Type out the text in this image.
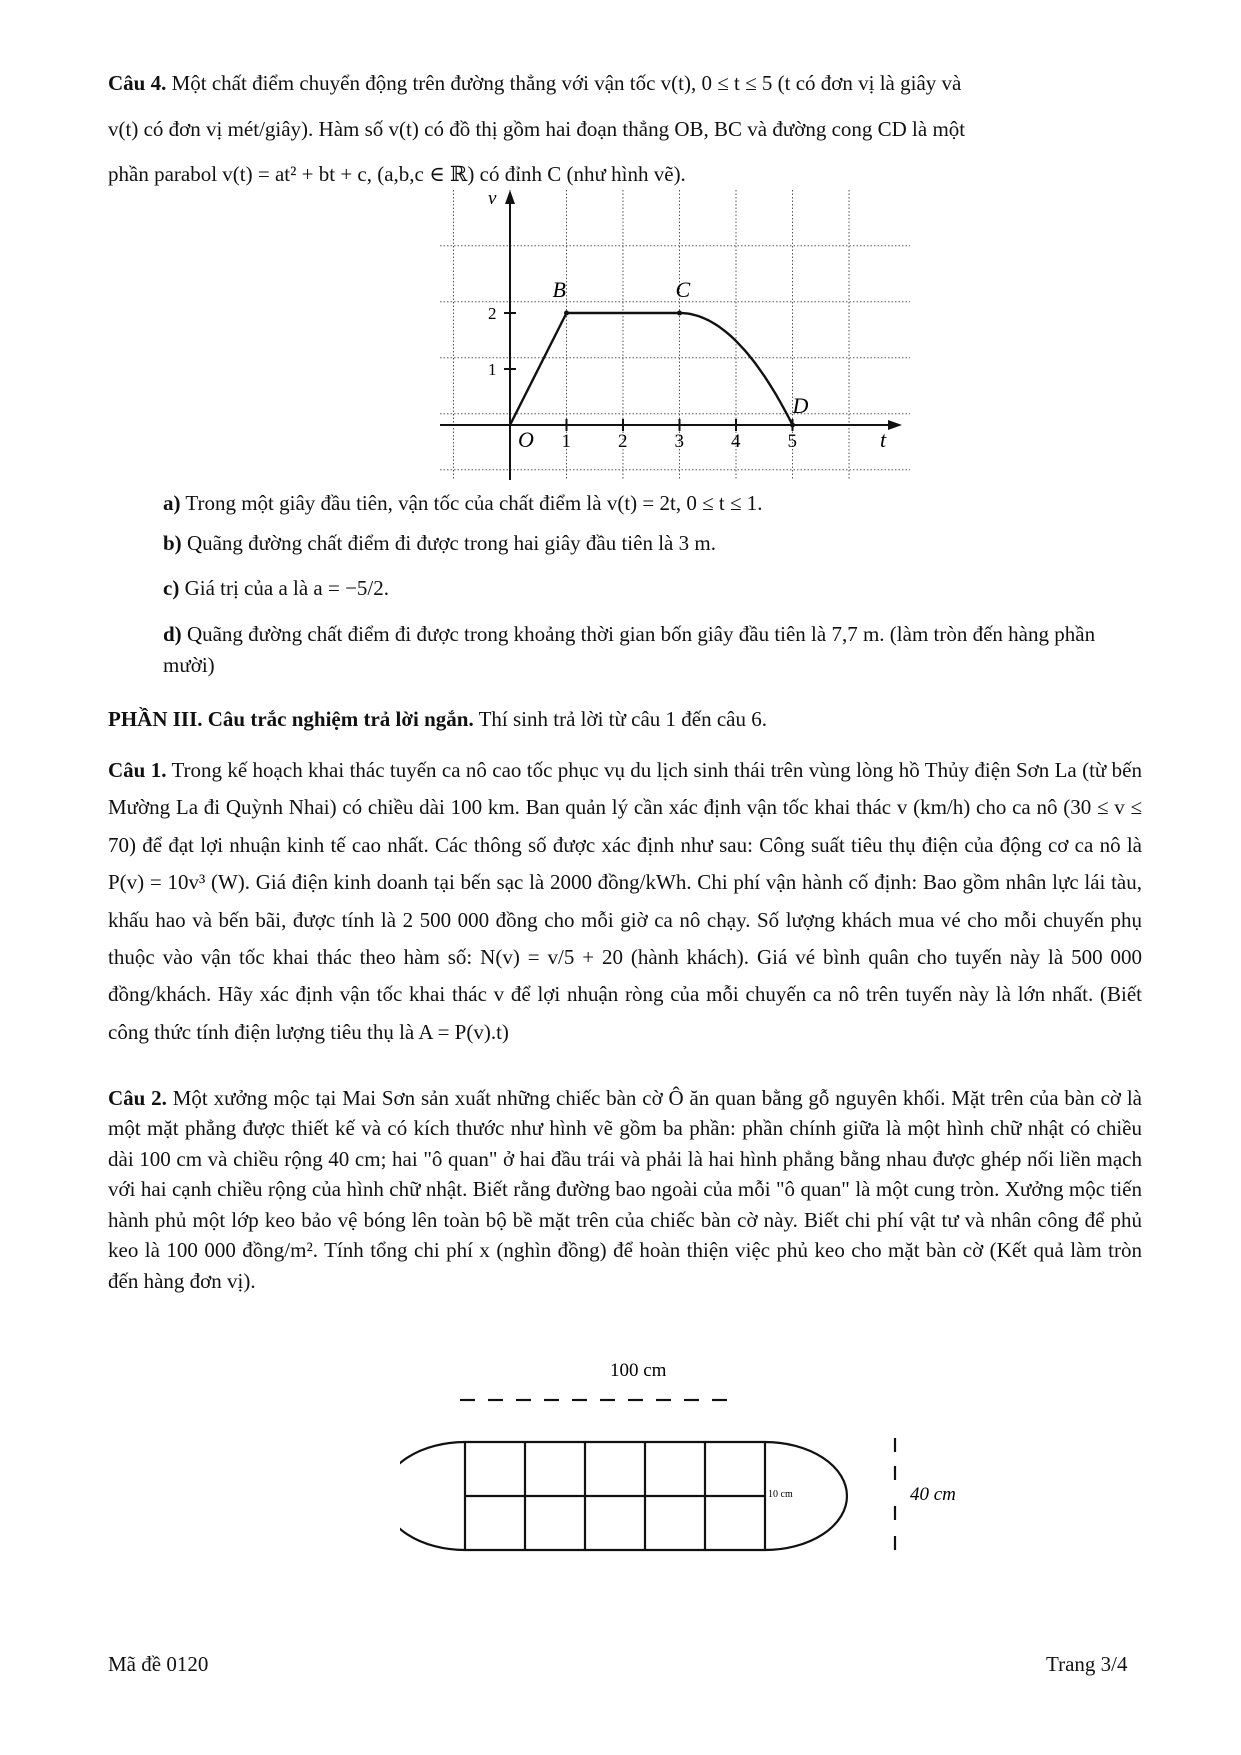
Câu 4. Một chất điểm chuyển động trên đường thẳng với vận tốc v(t), 0 ≤ t ≤ 5 (t có đơn vị là giây và

v(t) có đơn vị mét/giây). Hàm số v(t) có đồ thị gồm hai đoạn thẳng OB, BC và đường cong CD là một

phần parabol v(t) = at² + bt + c, (a,b,c ∈ ℝ) có đỉnh C (như hình vẽ).

1 2 3 4 5
1
2
O
B	C
D
v
t

a) Trong một giây đầu tiên, vận tốc của chất điểm là v(t) = 2t, 0 ≤ t ≤ 1.

b) Quãng đường chất điểm đi được trong hai giây đầu tiên là 3 m.

c) Giá trị của a là a = −5/2.

d) Quãng đường chất điểm đi được trong khoảng thời gian bốn giây đầu tiên là 7,7 m. (làm tròn đến hàng phần mười)

PHẦN III. Câu trắc nghiệm trả lời ngắn. Thí sinh trả lời từ câu 1 đến câu 6.

Câu 1. Trong kế hoạch khai thác tuyến ca nô cao tốc phục vụ du lịch sinh thái trên vùng lòng hồ Thủy điện Sơn La (từ bến Mường La đi Quỳnh Nhai) có chiều dài 100 km. Ban quản lý cần xác định vận tốc khai thác v (km/h) cho ca nô (30 ≤ v ≤ 70) để đạt lợi nhuận kinh tế cao nhất. Các thông số được xác định như sau: Công suất tiêu thụ điện của động cơ ca nô là P(v) = 10v³ (W). Giá điện kinh doanh tại bến sạc là 2000 đồng/kWh. Chi phí vận hành cố định: Bao gồm nhân lực lái tàu, khấu hao và bến bãi, được tính là 2 500 000 đồng cho mỗi giờ ca nô chạy. Số lượng khách mua vé cho mỗi chuyến phụ thuộc vào vận tốc khai thác theo hàm số: N(v) = v/5 + 20 (hành khách). Giá vé bình quân cho tuyến này là 500 000 đồng/khách. Hãy xác định vận tốc khai thác v để lợi nhuận ròng của mỗi chuyến ca nô trên tuyến này là lớn nhất. (Biết công thức tính điện lượng tiêu thụ là A = P(v).t)

Câu 2. Một xưởng mộc tại Mai Sơn sản xuất những chiếc bàn cờ Ô ăn quan bằng gỗ nguyên khối. Mặt trên của bàn cờ là một mặt phẳng được thiết kế và có kích thước như hình vẽ gồm ba phần: phần chính giữa là một hình chữ nhật có chiều dài 100 cm và chiều rộng 40 cm; hai "ô quan" ở hai đầu trái và phải là hai hình phẳng bằng nhau được ghép nối liền mạch với hai cạnh chiều rộng của hình chữ nhật. Biết rằng đường bao ngoài của mỗi "ô quan" là một cung tròn. Xưởng mộc tiến hành phủ một lớp keo bảo vệ bóng lên toàn bộ bề mặt trên của chiếc bàn cờ này. Biết chi phí vật tư và nhân công để phủ keo là 100 000 đồng/m². Tính tổng chi phí x (nghìn đồng) để hoàn thiện việc phủ keo cho mặt bàn cờ (Kết quả làm tròn đến hàng đơn vị).

100 cm
10 cm	40 cm
Mã đề 0120	Trang 3/4
